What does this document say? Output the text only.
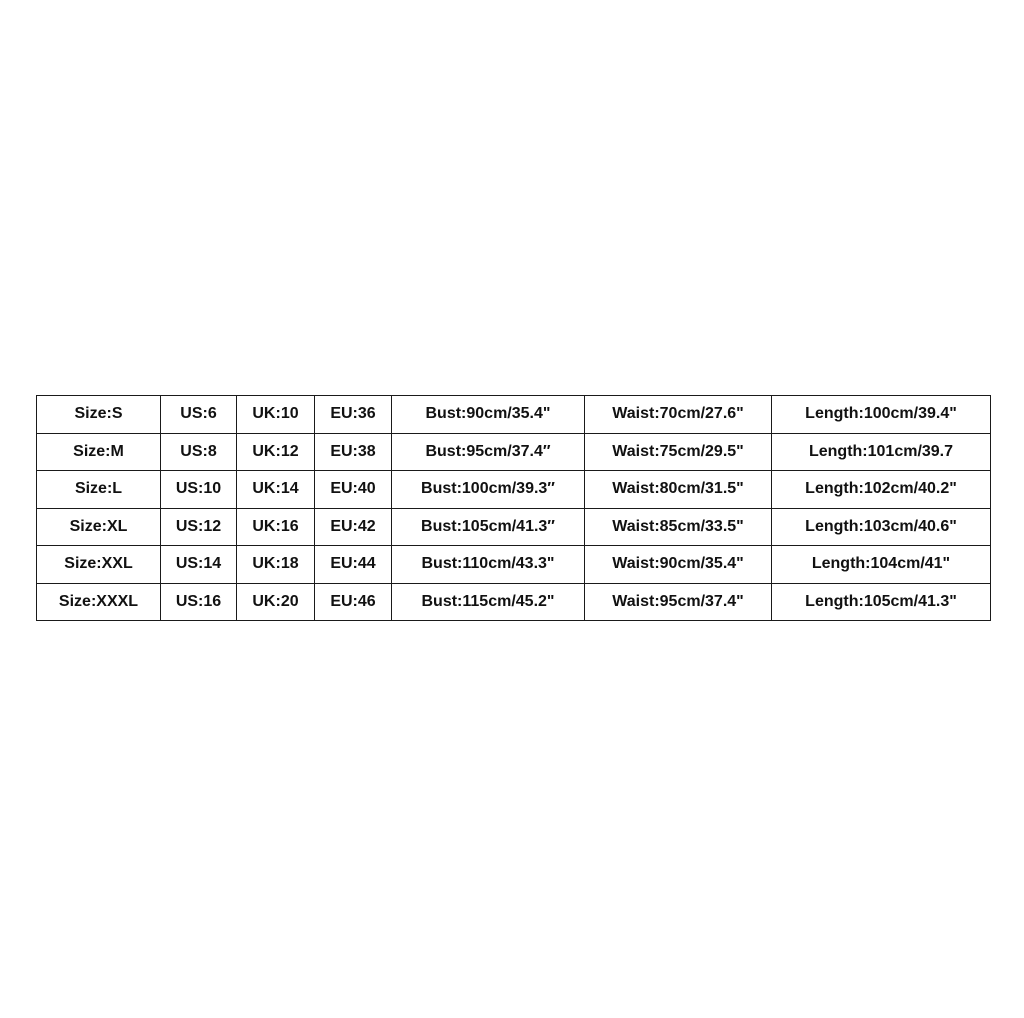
Size:S	US:6	UK:10	EU:36	Bust:90cm/35.4"	Waist:70cm/27.6"	Length:100cm/39.4"
Size:M	US:8	UK:12	EU:38	Bust:95cm/37.4″	Waist:75cm/29.5"	Length:101cm/39.7
Size:L	US:10	UK:14	EU:40	Bust:100cm/39.3″	Waist:80cm/31.5"	Length:102cm/40.2"
Size:XL	US:12	UK:16	EU:42	Bust:105cm/41.3″	Waist:85cm/33.5"	Length:103cm/40.6"
Size:XXL	US:14	UK:18	EU:44	Bust:110cm/43.3"	Waist:90cm/35.4"	Length:104cm/41"
Size:XXXL	US:16	UK:20	EU:46	Bust:115cm/45.2"	Waist:95cm/37.4"	Length:105cm/41.3"
